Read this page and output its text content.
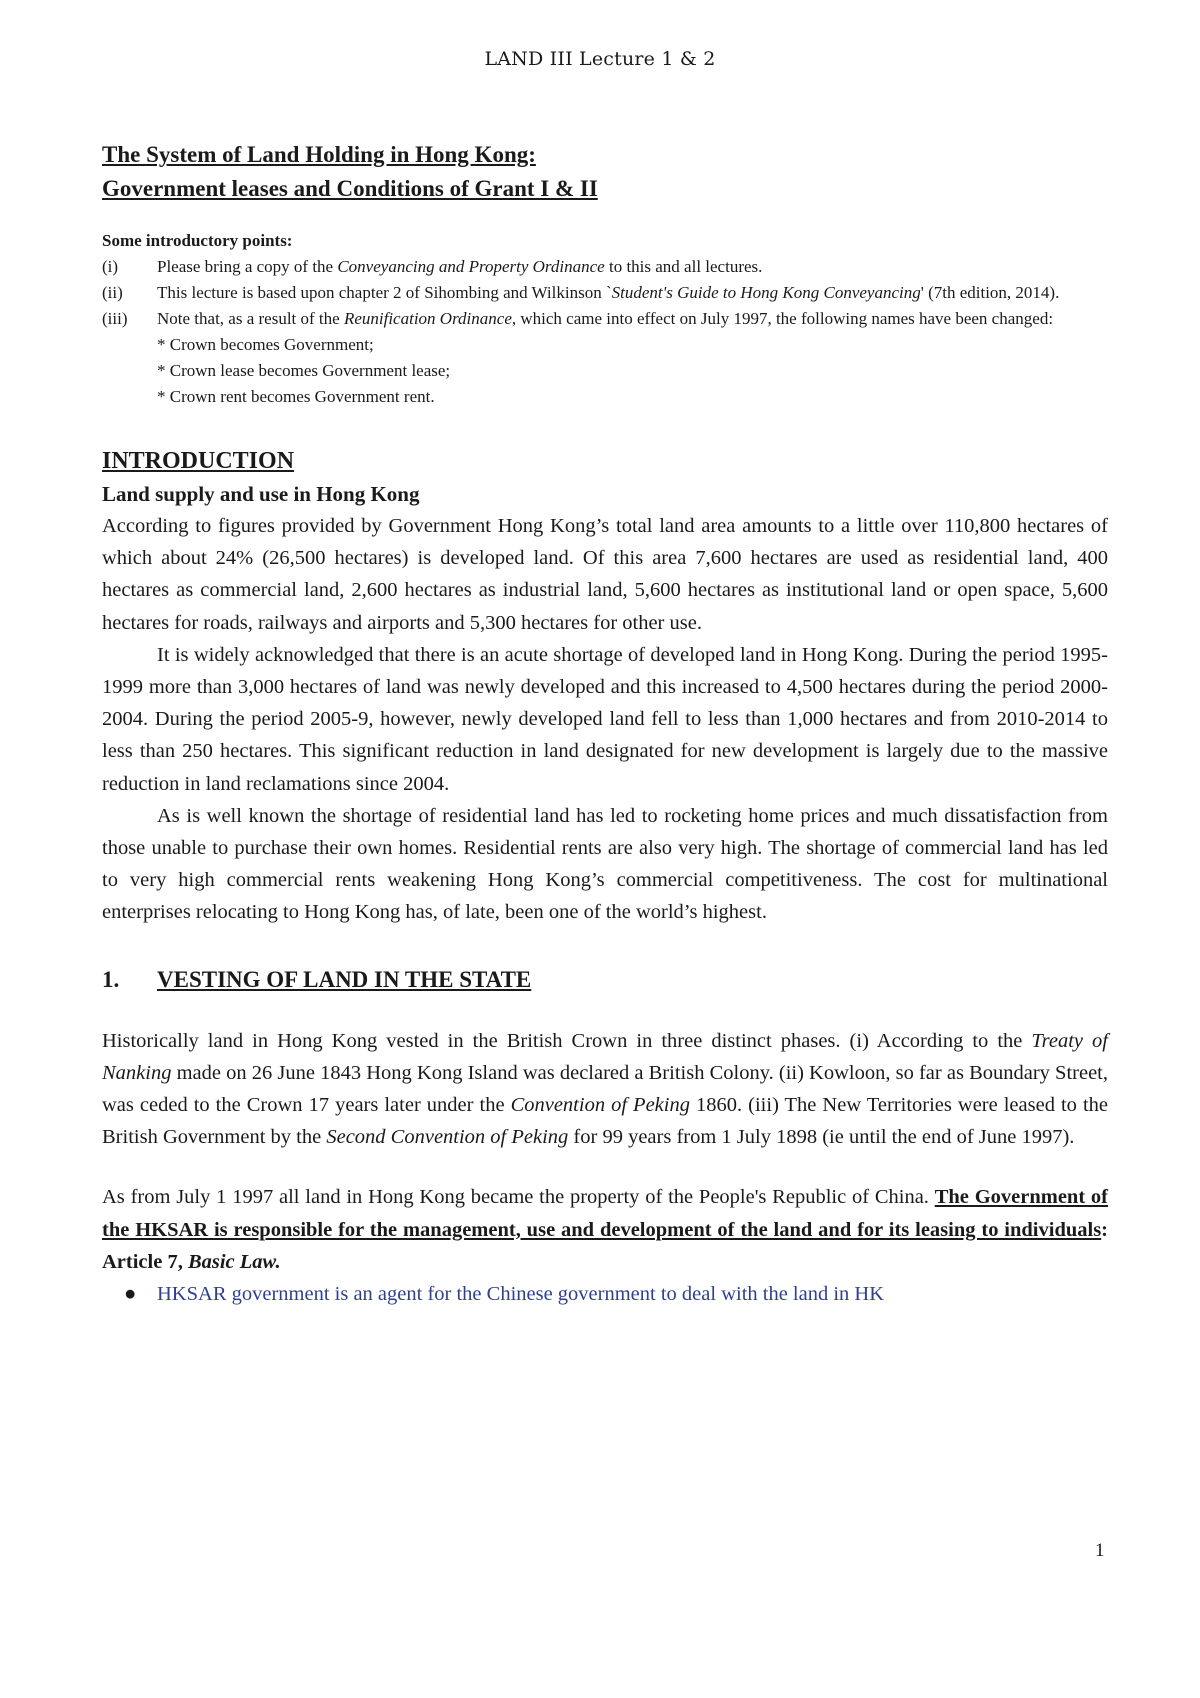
LAND III Lecture 1 & 2

The System of Land Holding in Hong Kong:

Government leases and Conditions of Grant I & II

Some introductory points:
(i)	Please bring a copy of the Conveyancing and Property Ordinance to this and all lectures.
(ii)	This lecture is based upon chapter 2 of Sihombing and Wilkinson `Student's Guide to Hong Kong Conveyancing' (7th edition, 2014).
(iii)	Note that, as a result of the Reunification Ordinance, which came into effect on July 1997, the following names have been changed:
* Crown becomes Government;
* Crown lease becomes Government lease;
* Crown rent becomes Government rent.
INTRODUCTION
Land supply and use in Hong Kong

According to figures provided by Government Hong Kong’s total land area amounts to a little over 110,800 hectares of which about 24% (26,500 hectares) is developed land. Of this area 7,600 hectares are used as residential land, 400 hectares as commercial land, 2,600 hectares as industrial land, 5,600 hectares as institutional land or open space, 5,600 hectares for roads, railways and airports and 5,300 hectares for other use.

It is widely acknowledged that there is an acute shortage of developed land in Hong Kong. During the period 1995-1999 more than 3,000 hectares of land was newly developed and this increased to 4,500 hectares during the period 2000-2004. During the period 2005-9, however, newly developed land fell to less than 1,000 hectares and from 2010-2014 to less than 250 hectares. This significant reduction in land designated for new development is largely due to the massive reduction in land reclamations since 2004.

As is well known the shortage of residential land has led to rocketing home prices and much dissatisfaction from those unable to purchase their own homes. Residential rents are also very high. The shortage of commercial land has led to very high commercial rents weakening Hong Kong’s commercial competitiveness. The cost for multinational enterprises relocating to Hong Kong has, of late, been one of the world’s highest.

1.	VESTING OF LAND IN THE STATE

Historically land in Hong Kong vested in the British Crown in three distinct phases. (i) According to the Treaty of Nanking made on 26 June 1843 Hong Kong Island was declared a British Colony. (ii) Kowloon, so far as Boundary Street, was ceded to the Crown 17 years later under the Convention of Peking 1860. (iii) The New Territories were leased to the British Government by the Second Convention of Peking for 99 years from 1 July 1898 (ie until the end of June 1997).

As from July 1 1997 all land in Hong Kong became the property of the People's Republic of China. The Government of the HKSAR is responsible for the management, use and development of the land and for its leasing to individuals: Article 7, Basic Law.

●	HKSAR government is an agent for the Chinese government to deal with the land in HK
1
